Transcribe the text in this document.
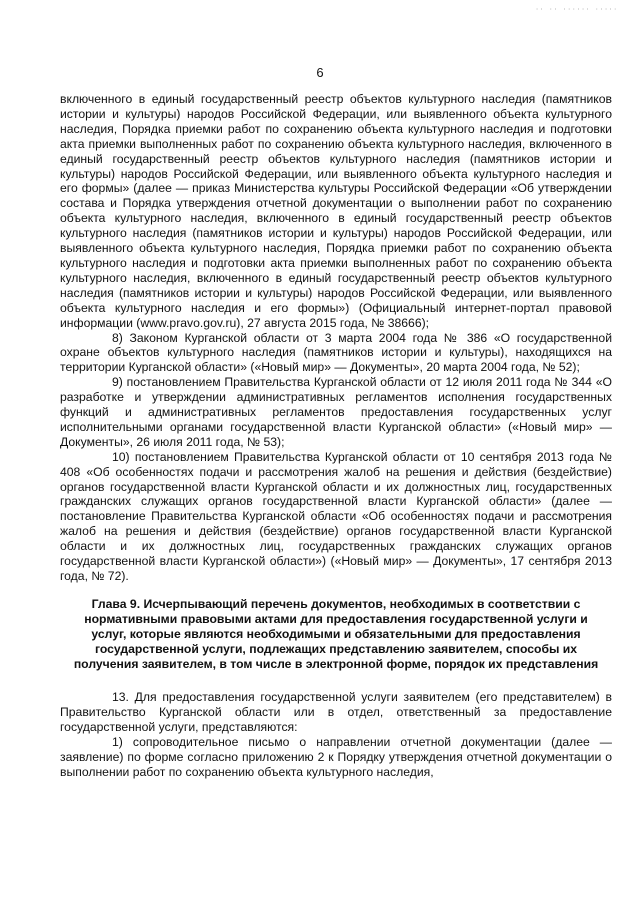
·· ·· ······ ·····
6

включенного в единый государственный реестр объектов культурного наследия (памятников истории и культуры) народов Российской Федерации, или выявленного объекта культурного наследия, Порядка приемки работ по сохранению объекта культурного наследия и подготовки акта приемки выполненных работ по сохранению объекта культурного наследия, включенного в единый государственный реестр объектов культурного наследия (памятников истории и культуры) народов Российской Федерации, или выявленного объекта культурного наследия и его формы» (далее — приказ Министерства культуры Российской Федерации «Об утверждении состава и Порядка утверждения отчетной документации о выполнении работ по сохранению объекта культурного наследия, включенного в единый государственный реестр объектов культурного наследия (памятников истории и культуры) народов Российской Федерации, или выявленного объекта культурного наследия, Порядка приемки работ по сохранению объекта культурного наследия и подготовки акта приемки выполненных работ по сохранению объекта культурного наследия, включенного в единый государственный реестр объектов культурного наследия (памятников истории и культуры) народов Российской Федерации, или выявленного объекта культурного наследия и его формы») (Официальный интернет-портал правовой информации (www.pravo.gov.ru), 27 августа 2015 года, № 38666);

8) Законом Курганской области от 3 марта 2004 года № 386 «О государственной охране объектов культурного наследия (памятников истории и культуры), находящихся на территории Курганской области» («Новый мир» — Документы», 20 марта 2004 года, № 52);

9) постановлением Правительства Курганской области от 12 июля 2011 года № 344 «О разработке и утверждении административных регламентов исполнения государственных функций и административных регламентов предоставления государственных услуг исполнительными органами государственной власти Курганской области» («Новый мир» — Документы», 26 июля 2011 года, № 53);

10) постановлением Правительства Курганской области от 10 сентября 2013 года № 408 «Об особенностях подачи и рассмотрения жалоб на решения и действия (бездействие) органов государственной власти Курганской области и их должностных лиц, государственных гражданских служащих органов государственной власти Курганской области» (далее — постановление Правительства Курганской области «Об особенностях подачи и рассмотрения жалоб на решения и действия (бездействие) органов государственной власти Курганской области и их должностных лиц, государственных гражданских служащих органов государственной власти Курганской области») («Новый мир» — Документы», 17 сентября 2013 года, № 72).

Глава 9. Исчерпывающий перечень документов, необходимых в соответствии с нормативными правовыми актами для предоставления государственной услуги и услуг, которые являются необходимыми и обязательными для предоставления государственной услуги, подлежащих представлению заявителем, способы их получения заявителем, в том числе в электронной форме, порядок их представления

13. Для предоставления государственной услуги заявителем (его представителем) в Правительство Курганской области или в отдел, ответственный за предоставление государственной услуги, представляются:

1) сопроводительное письмо о направлении отчетной документации (далее — заявление) по форме согласно приложению 2 к Порядку утверждения отчетной документации о выполнении работ по сохранению объекта культурного наследия,
